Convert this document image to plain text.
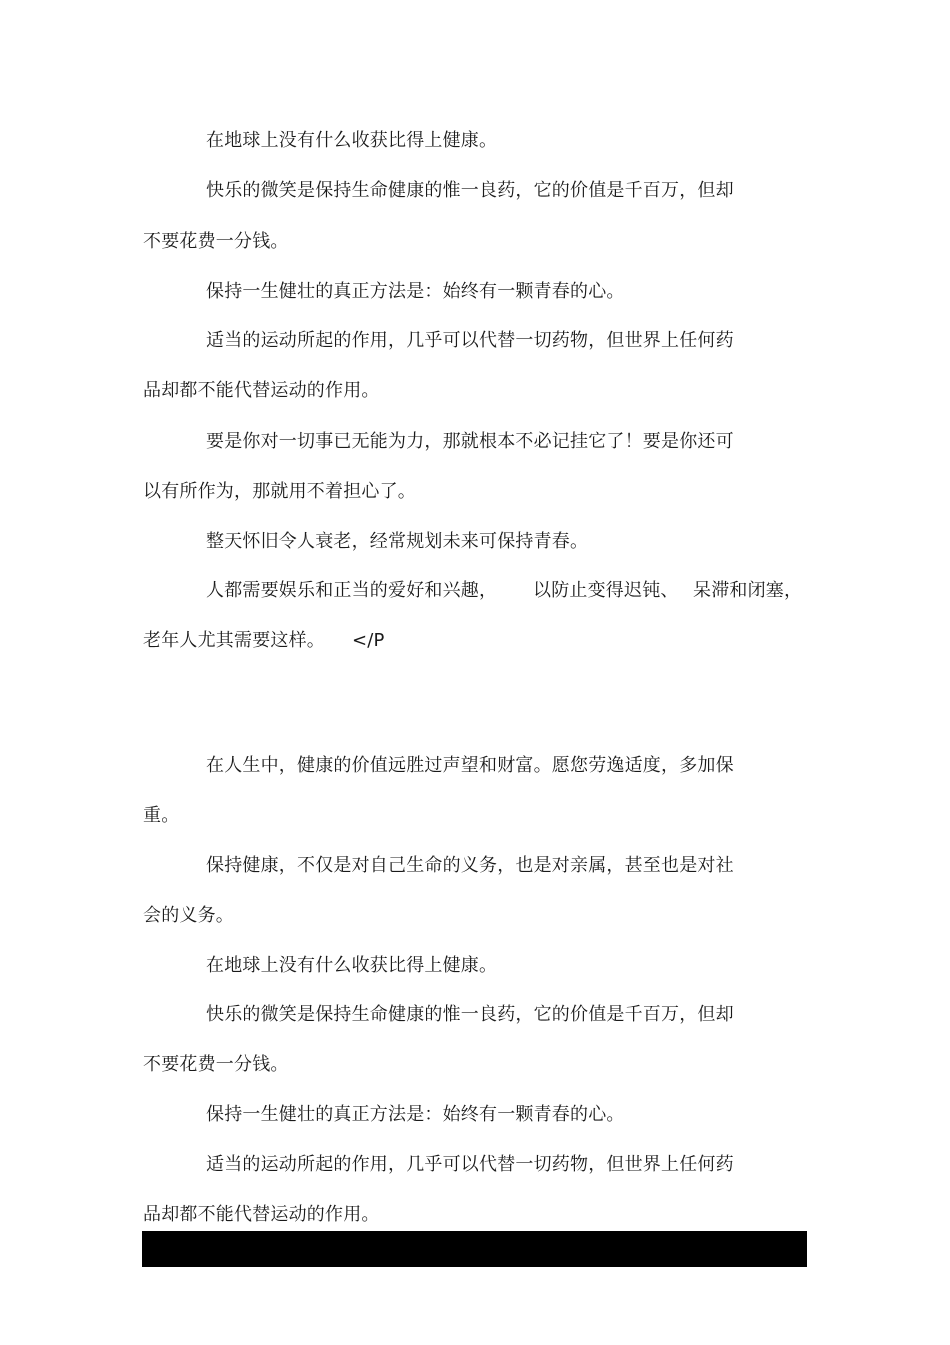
在地球上没有什么收获比得上健康。
快乐的微笑是保持生命健康的惟一良药，它的价值是千百万，但却
不要花费一分钱。
保持一生健壮的真正方法是：始终有一颗青春的心。
适当的运动所起的作用，几乎可以代替一切药物，但世界上任何药
品却都不能代替运动的作用。
要是你对一切事已无能为力，那就根本不必记挂它了！要是你还可
以有所作为，那就用不着担心了。
整天怀旧令人衰老，经常规划未来可保持青春。
人都需要娱乐和正当的爱好和兴趣， 以防止变得迟钝、 呆滞和闭塞，
老年人尤其需要这样。 </P
在人生中，健康的价值远胜过声望和财富。愿您劳逸适度，多加保
重。
保持健康，不仅是对自己生命的义务，也是对亲属，甚至也是对社
会的义务。
在地球上没有什么收获比得上健康。
快乐的微笑是保持生命健康的惟一良药，它的价值是千百万，但却
不要花费一分钱。
保持一生健壮的真正方法是：始终有一颗青春的心。
适当的运动所起的作用，几乎可以代替一切药物，但世界上任何药
品却都不能代替运动的作用。
